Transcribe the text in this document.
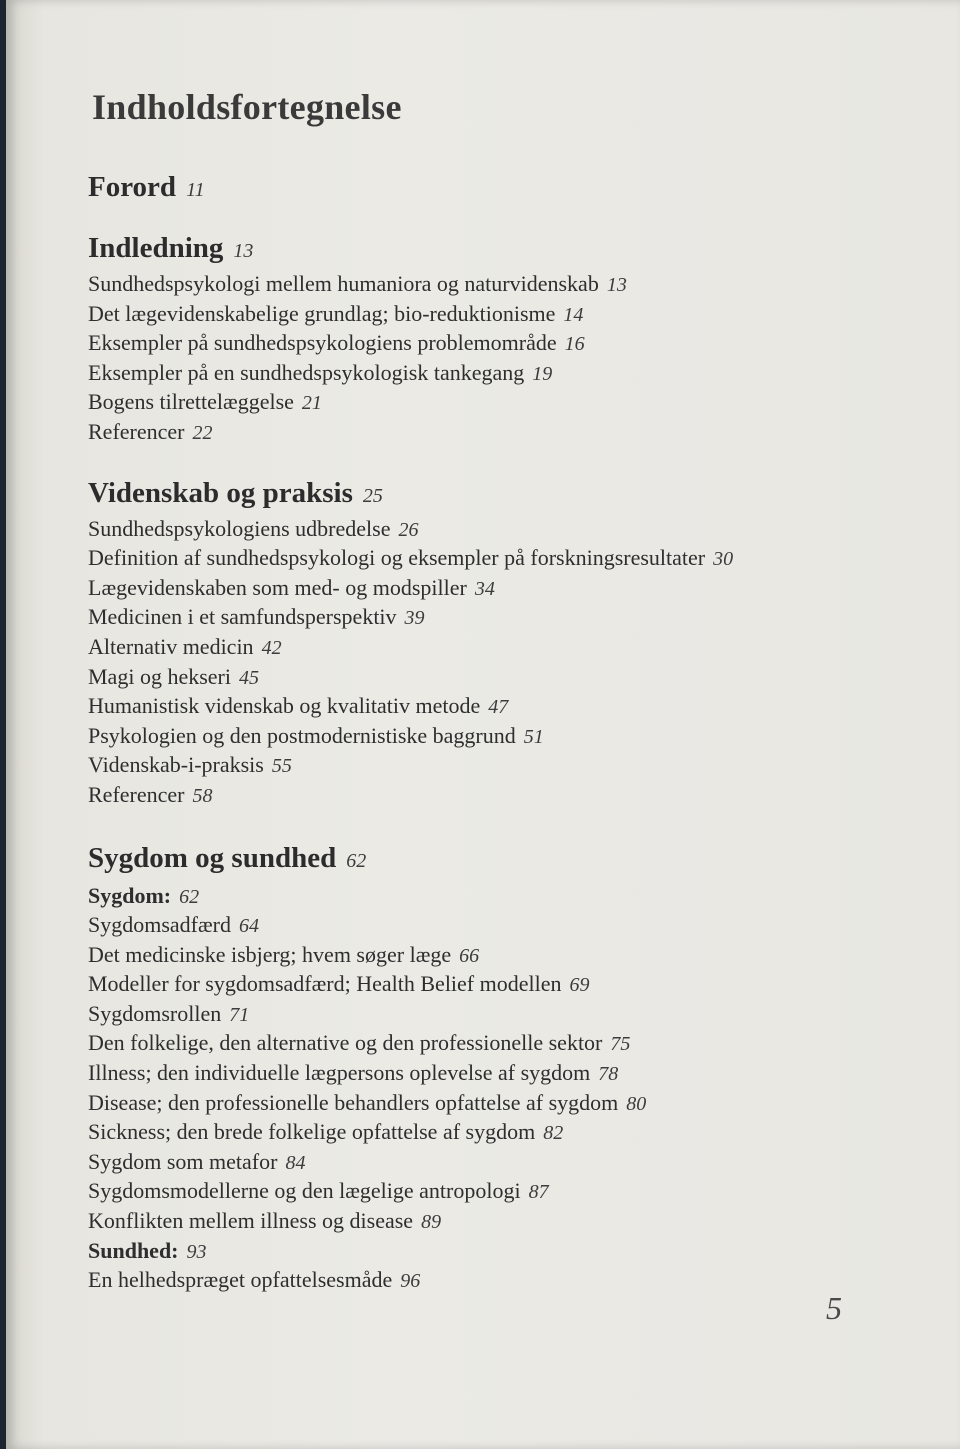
Indholdsfortegnelse
Forord 11
Indledning 13
Sundhedspsykologi mellem humaniora og naturvidenskab 13
Det lægevidenskabelige grundlag; bio-reduktionisme 14
Eksempler på sundhedspsykologiens problemområde 16
Eksempler på en sundhedspsykologisk tankegang 19
Bogens tilrettelæggelse 21
Referencer 22
Videnskab og praksis 25
Sundhedspsykologiens udbredelse 26
Definition af sundhedspsykologi og eksempler på forskningsresultater 30
Lægevidenskaben som med- og modspiller 34
Medicinen i et samfundsperspektiv 39
Alternativ medicin 42
Magi og hekseri 45
Humanistisk videnskab og kvalitativ metode 47
Psykologien og den postmodernistiske baggrund 51
Videnskab-i-praksis 55
Referencer 58
Sygdom og sundhed 62
Sygdom: 62
Sygdomsadfærd 64
Det medicinske isbjerg; hvem søger læge 66
Modeller for sygdomsadfærd; Health Belief modellen 69
Sygdomsrollen 71
Den folkelige, den alternative og den professionelle sektor 75
Illness; den individuelle lægpersons oplevelse af sygdom 78
Disease; den professionelle behandlers opfattelse af sygdom 80
Sickness; den brede folkelige opfattelse af sygdom 82
Sygdom som metafor 84
Sygdomsmodellerne og den lægelige antropologi 87
Konflikten mellem illness og disease 89
Sundhed: 93
En helhedspræget opfattelsesmåde 96
5
